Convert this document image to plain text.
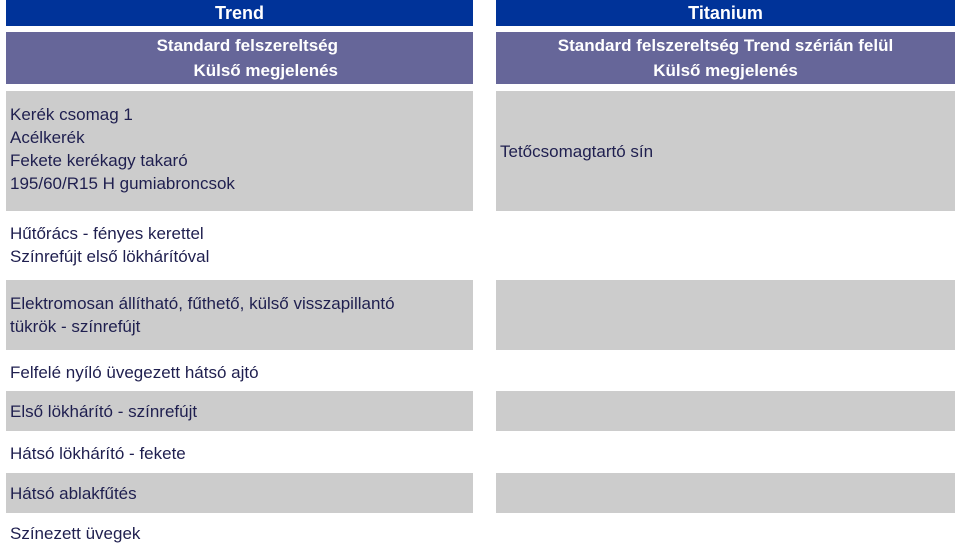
Trend
Standard felszereltség
Külső megjelenés
Kerék csomag 1
Acélkerék
Fekete kerékagy takaró
195/60/R15 H gumiabroncsok
Hűtőrács - fényes kerettel
Színrefújt első lökhárítóval
Elektromosan állítható, fűthető, külső visszapillantó
tükrök - színrefújt
Felfelé nyíló üvegezett hátsó ajtó
Első lökhárító - színrefújt
Hátsó lökhárító - fekete
Hátsó ablakfűtés
Színezett üvegek
Titanium
Standard felszereltség Trend szérián felül
Külső megjelenés
Tetőcsomagtartó sín
